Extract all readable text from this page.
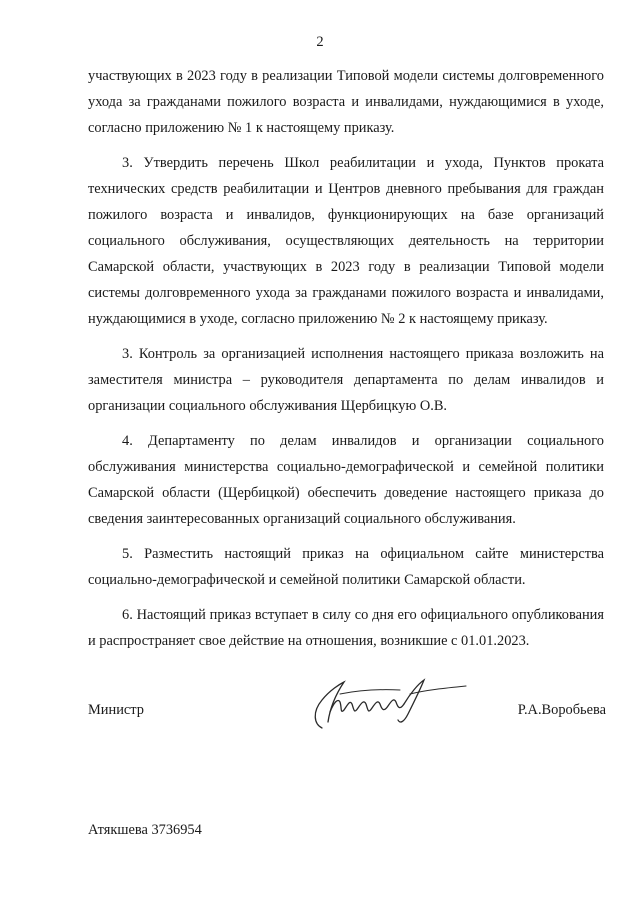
2

участвующих в 2023 году в реализации Типовой модели системы долговременного ухода за гражданами пожилого возраста и инвалидами, нуждающимися в уходе, согласно приложению № 1 к настоящему приказу.

3. Утвердить перечень Школ реабилитации и ухода, Пунктов проката технических средств реабилитации и Центров дневного пребывания для граждан пожилого возраста и инвалидов, функционирующих на базе организаций социального обслуживания, осуществляющих деятельность на территории Самарской области, участвующих в 2023 году в реализации Типовой модели системы долговременного ухода за гражданами пожилого возраста и инвалидами, нуждающимися в уходе, согласно приложению № 2 к настоящему приказу.

3. Контроль за организацией исполнения настоящего приказа возложить на заместителя министра – руководителя департамента по делам инвалидов и организации социального обслуживания Щербицкую О.В.

4. Департаменту по делам инвалидов и организации социального обслуживания министерства социально-демографической и семейной политики Самарской области (Щербицкой) обеспечить доведение настоящего приказа до сведения заинтересованных организаций социального обслуживания.

5. Разместить настоящий приказ на официальном сайте министерства социально-демографической и семейной политики Самарской области.

6. Настоящий приказ вступает в силу со дня его официального опубликования и распространяет свое действие на отношения, возникшие с 01.01.2023.

Министр	Р.А.Воробьева

Атякшева 3736954
